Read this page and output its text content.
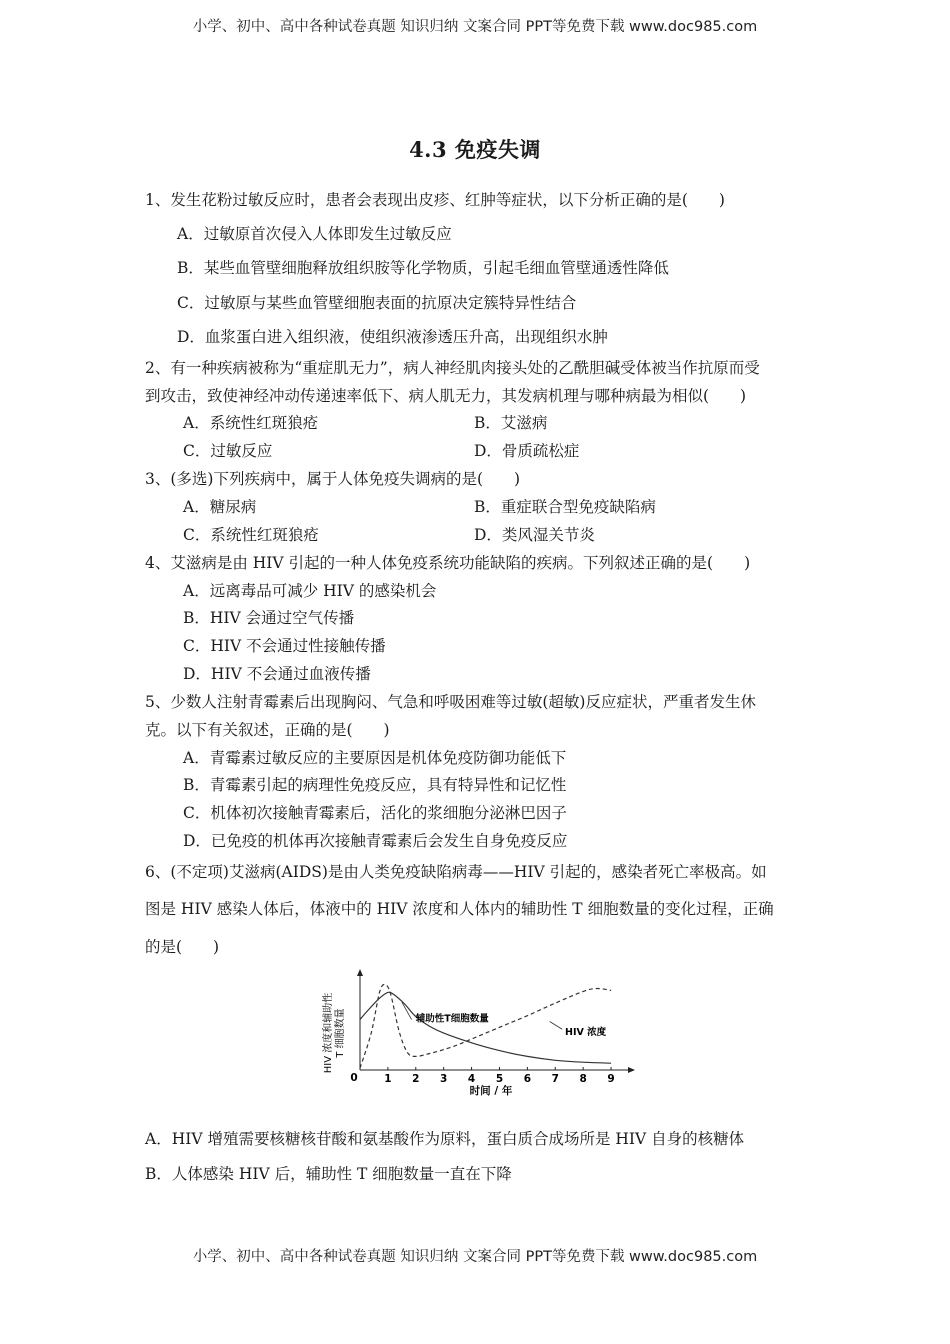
小学、初中、高中各种试卷真题 知识归纳 文案合同 PPT等免费下载 www.doc985.com
4.3 免疫失调
1、发生花粉过敏反应时，患者会表现出皮疹、红肿等症状，以下分析正确的是(　　)
A．过敏原首次侵入人体即发生过敏反应
B．某些血管壁细胞释放组织胺等化学物质，引起毛细血管壁通透性降低
C．过敏原与某些血管壁细胞表面的抗原决定簇特异性结合
D．血浆蛋白进入组织液，使组织液渗透压升高，出现组织水肿
2、有一种疾病被称为“重症肌无力”，病人神经肌肉接头处的乙酰胆碱受体被当作抗原而受
到攻击，致使神经冲动传递速率低下、病人肌无力，其发病机理与哪种病最为相似(　　)
A．系统性红斑狼疮	B．艾滋病
C．过敏反应	D．骨质疏松症
3、(多选)下列疾病中，属于人体免疫失调病的是(　　)
A．糖尿病	B．重症联合型免疫缺陷病
C．系统性红斑狼疮	D．类风湿关节炎
4、艾滋病是由 HIV 引起的一种人体免疫系统功能缺陷的疾病。下列叙述正确的是(　　)
A．远离毒品可减少 HIV 的感染机会
B．HIV 会通过空气传播
C．HIV 不会通过性接触传播
D．HIV 不会通过血液传播
5、少数人注射青霉素后出现胸闷、气急和呼吸困难等过敏(超敏)反应症状，严重者发生休
克。以下有关叙述，正确的是(　　)
A．青霉素过敏反应的主要原因是机体免疫防御功能低下
B．青霉素引起的病理性免疫反应，具有特异性和记忆性
C．机体初次接触青霉素后，活化的浆细胞分泌淋巴因子
D．已免疫的机体再次接触青霉素后会发生自身免疫反应
6、(不定项)艾滋病(AIDS)是由人类免疫缺陷病毒——HIV 引起的，感染者死亡率极高。如
图是 HIV 感染人体后，体液中的 HIV 浓度和人体内的辅助性 T 细胞数量的变化过程，正确
的是(　　)
HIV 浓度和辅助性 T 细胞数量
时间 / 年
0	1 2 3 4 5 6 7 8 9
辅助性T细胞数量
HIV 浓度
A．HIV 增殖需要核糖核苷酸和氨基酸作为原料，蛋白质合成场所是 HIV 自身的核糖体
B．人体感染 HIV 后，辅助性 T 细胞数量一直在下降
小学、初中、高中各种试卷真题 知识归纳 文案合同 PPT等免费下载 www.doc985.com
